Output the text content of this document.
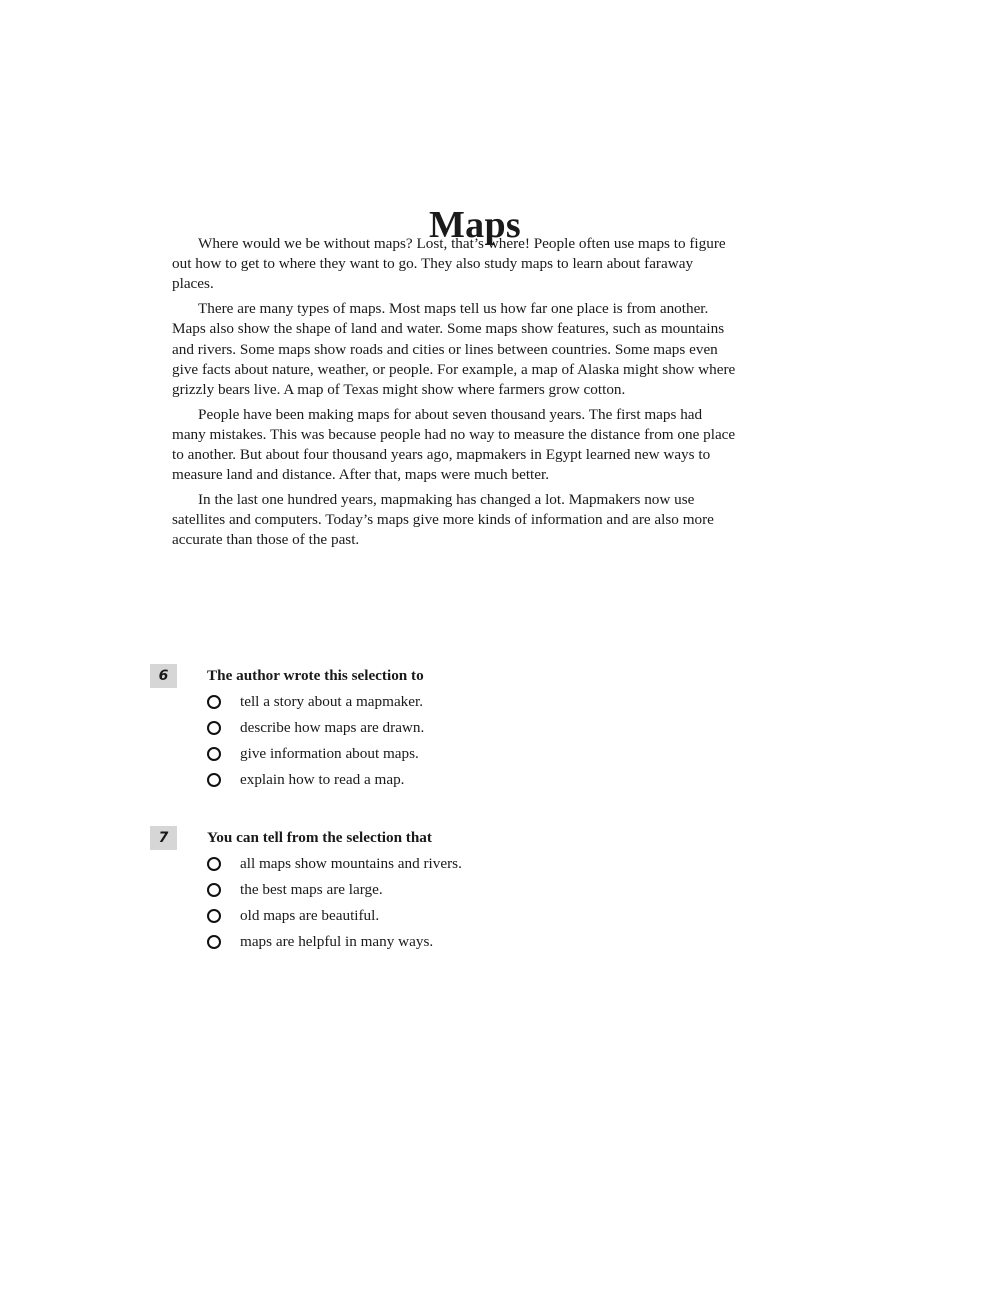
Maps

Where would we be without maps? Lost, that’s where! People often use maps to figure out how to get to where they want to go. They also study maps to learn about faraway places.

There are many types of maps. Most maps tell us how far one place is from another. Maps also show the shape of land and water. Some maps show features, such as mountains and rivers. Some maps show roads and cities or lines between countries. Some maps even give facts about nature, weather, or people. For example, a map of Alaska might show where grizzly bears live. A map of Texas might show where farmers grow cotton.

People have been making maps for about seven thousand years. The first maps had many mistakes. This was because people had no way to measure the distance from one place to another. But about four thousand years ago, mapmakers in Egypt learned new ways to measure land and distance. After that, maps were much better.

In the last one hundred years, mapmaking has changed a lot. Mapmakers now use satellites and computers. Today’s maps give more kinds of information and are also more accurate than those of the past.

6	The author wrote this selection to
tell a story about a mapmaker.
describe how maps are drawn.
give information about maps.
explain how to read a map.
7	You can tell from the selection that
all maps show mountains and rivers.
the best maps are large.
old maps are beautiful.
maps are helpful in many ways.
